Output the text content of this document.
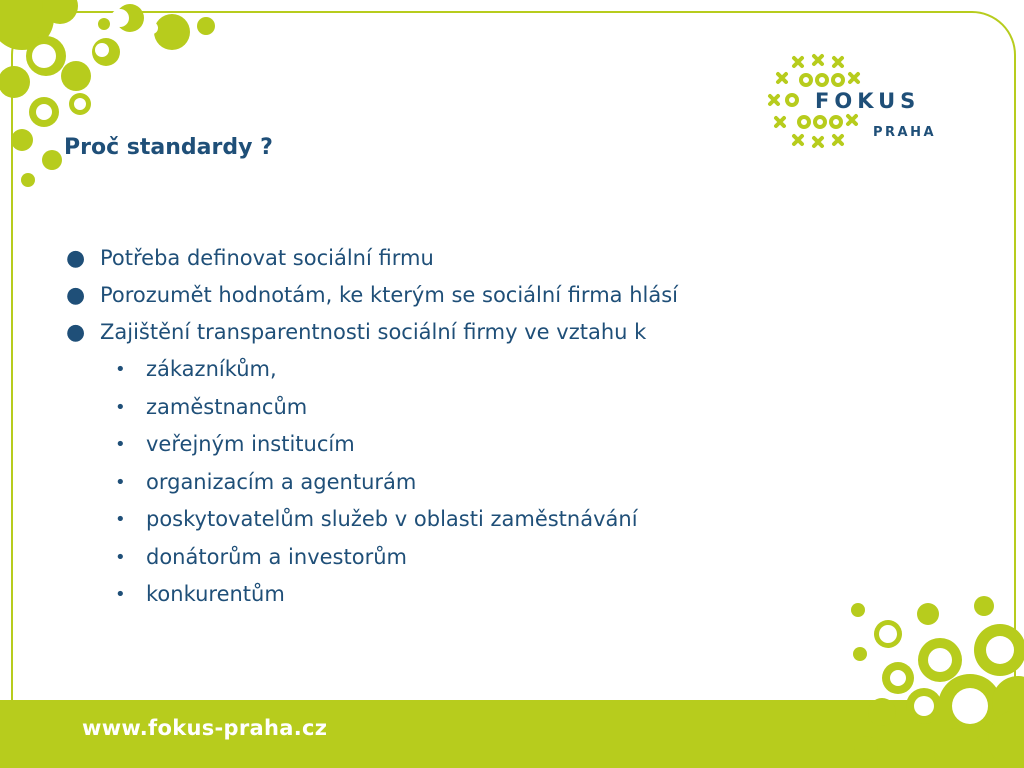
FOKUS
PRAHA
Proč standardy ?
● Potřeba definovat sociální firmu
● Porozumět hodnotám, ke kterým se sociální firma hlásí
● Zajištění transparentnosti sociální firmy ve vztahu k
• zákazníkům,
• zaměstnancům
• veřejným institucím
• organizacím a agenturám
• poskytovatelům služeb v oblasti zaměstnávání
• donátorům a investorům
• konkurentům
www.fokus-praha.cz
